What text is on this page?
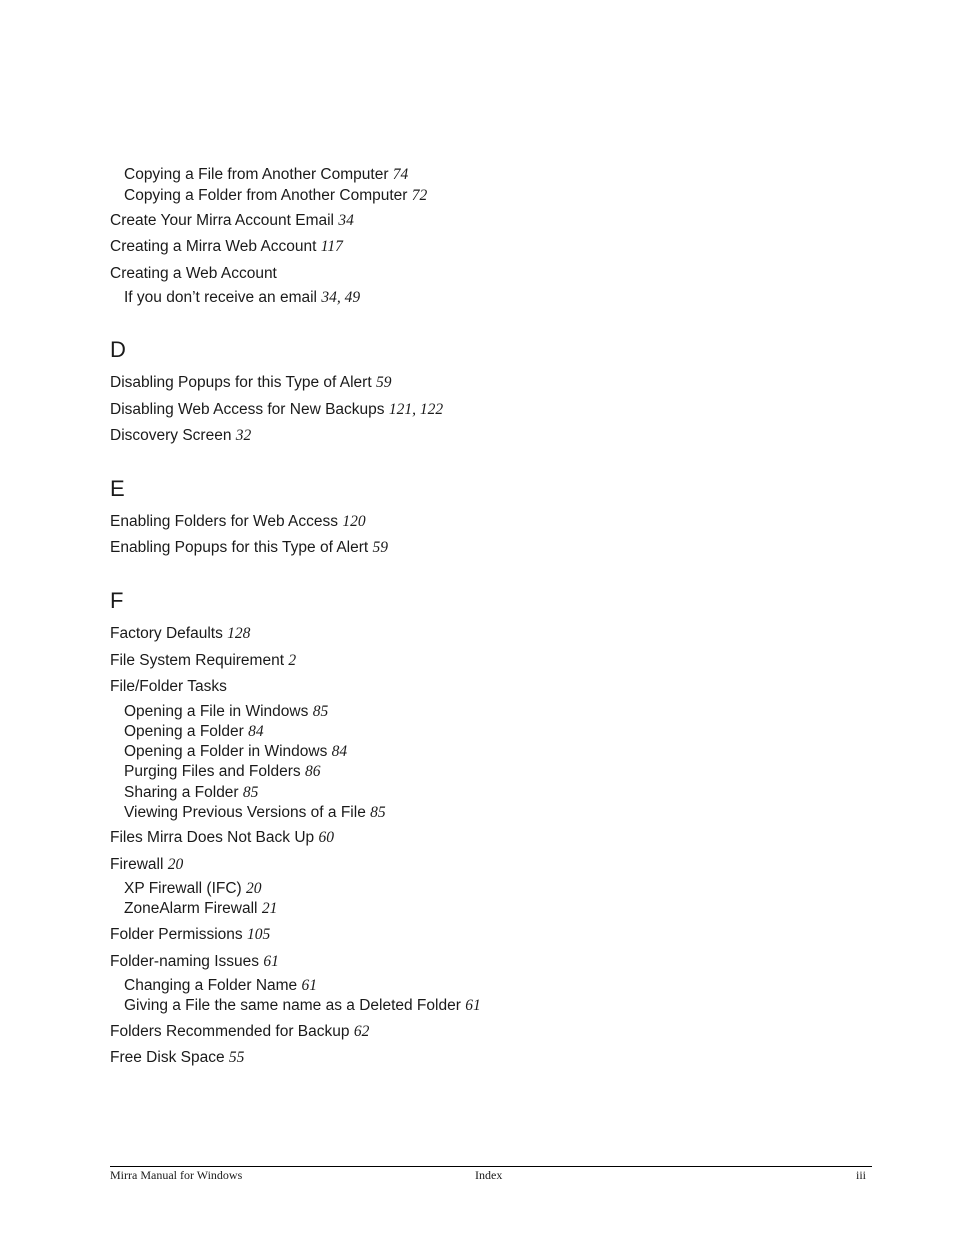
Copying a File from Another Computer 74
Copying a Folder from Another Computer 72
Create Your Mirra Account Email 34
Creating a Mirra Web Account 117
Creating a Web Account
If you don’t receive an email 34, 49
D
Disabling Popups for this Type of Alert 59
Disabling Web Access for New Backups 121, 122
Discovery Screen 32
E
Enabling Folders for Web Access 120
Enabling Popups for this Type of Alert 59
F
Factory Defaults 128
File System Requirement 2
File/Folder Tasks
Opening a File in Windows 85
Opening a Folder 84
Opening a Folder in Windows 84
Purging Files and Folders 86
Sharing a Folder 85
Viewing Previous Versions of a File 85
Files Mirra Does Not Back Up 60
Firewall 20
XP Firewall (IFC) 20
ZoneAlarm Firewall 21
Folder Permissions 105
Folder-naming Issues 61
Changing a Folder Name 61
Giving a File the same name as a Deleted Folder 61
Folders Recommended for Backup 62
Free Disk Space 55
Mirra Manual for Windows	Index	iii
